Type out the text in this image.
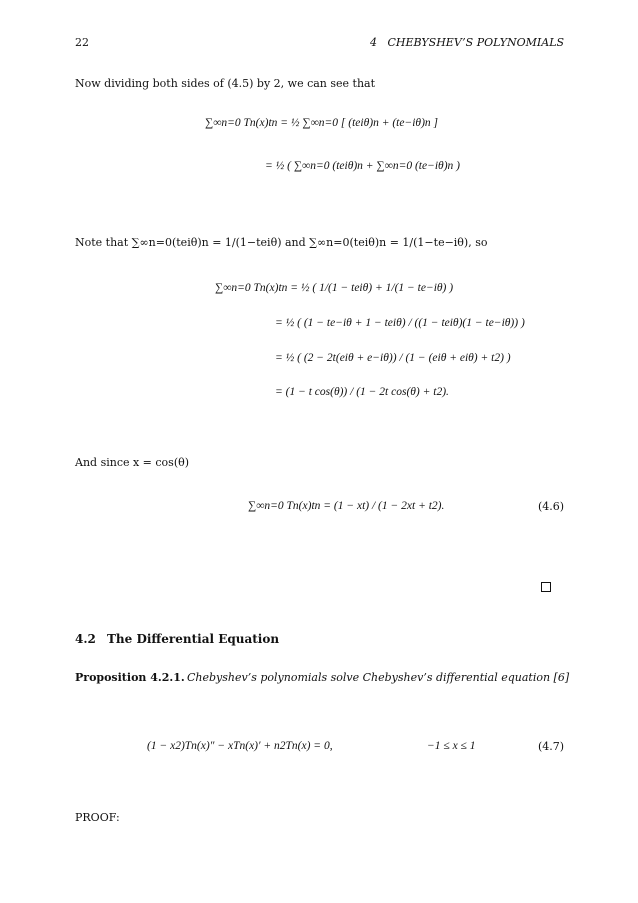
22	4   CHEBYSHEV’S POLYNOMIALS
Now dividing both sides of (4.5) by 2, we can see that
∑∞n=0 Tn(x)tn = ½ ∑∞n=0 [ (teiθ)n + (te−iθ)n ]
= ½ ( ∑∞n=0 (teiθ)n + ∑∞n=0 (te−iθ)n )
Note that ∑∞n=0(teiθ)n = 1/(1−teiθ) and ∑∞n=0(teiθ)n = 1/(1−te−iθ), so
∑∞n=0 Tn(x)tn = ½ ( 1/(1 − teiθ) + 1/(1 − te−iθ) )
= ½ ( (1 − te−iθ + 1 − teiθ) / ((1 − teiθ)(1 − te−iθ)) )
= ½ ( (2 − 2t(eiθ + e−iθ)) / (1 − (eiθ + eiθ) + t2) )
= (1 − t cos(θ)) / (1 − 2t cos(θ) + t2).
And since x = cos(θ)
∑∞n=0 Tn(x)tn = (1 − xt) / (1 − 2xt + t2).	(4.6)
4.2 The Differential Equation
Proposition 4.2.1. Chebyshev’s polynomials solve Chebyshev’s differential equation [6]
(1 − x2)Tn(x)″ − xTn(x)′ + n2Tn(x) = 0,	−1 ≤ x ≤ 1	(4.7)
PROOF:
